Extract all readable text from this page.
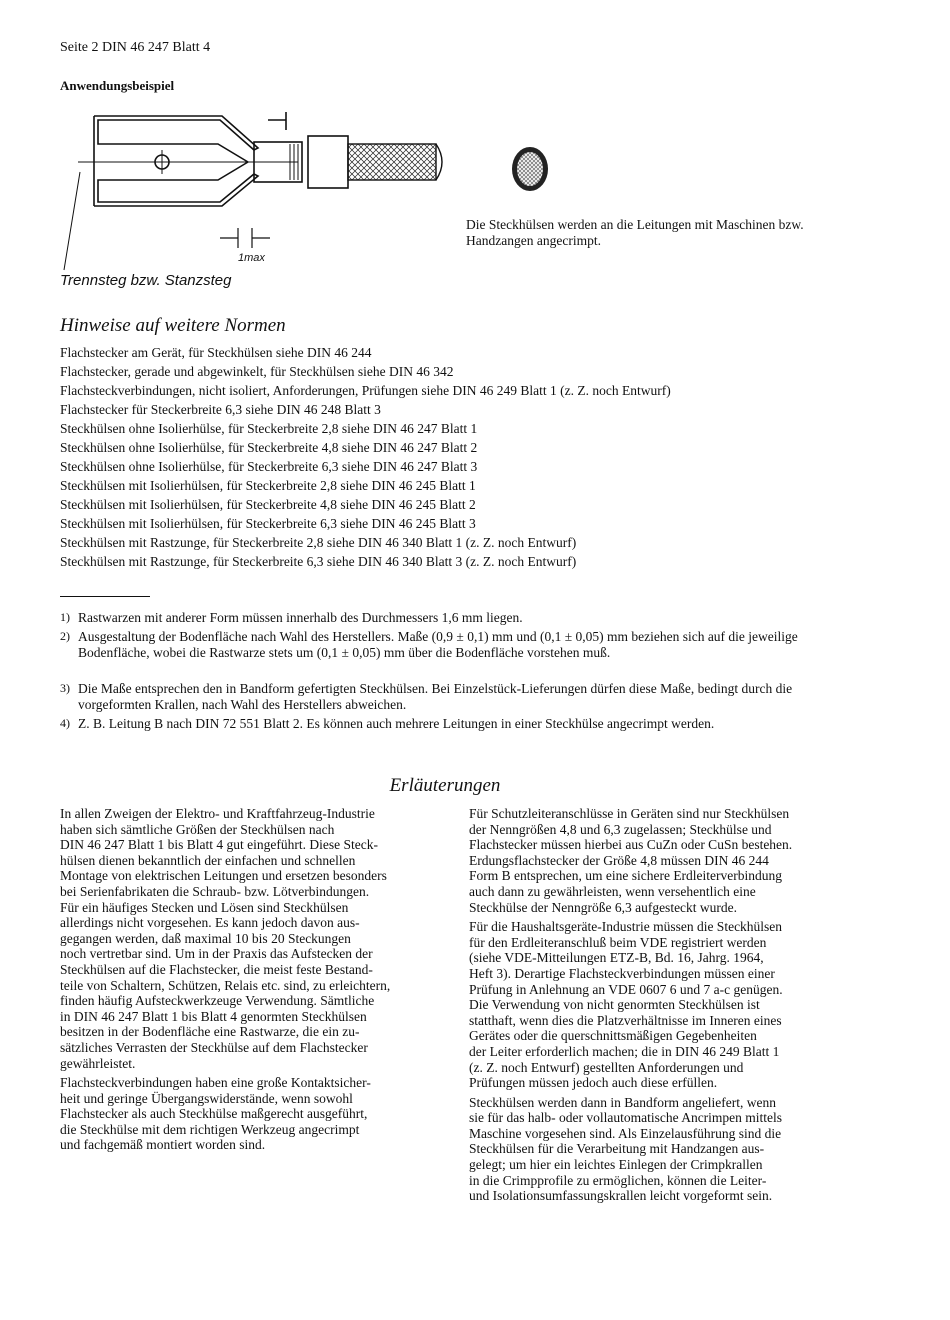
Seite 2 DIN 46 247 Blatt 4
Anwendungsbeispiel
1max
Trennsteg bzw. Stanzsteg
Die Steckhülsen werden an die Leitungen mit Maschinen bzw. Handzangen angecrimpt.
Hinweise auf weitere Normen
Flachstecker am Gerät, für Steckhülsen siehe DIN 46 244
Flachstecker, gerade und abgewinkelt, für Steckhülsen siehe DIN 46 342
Flachsteckverbindungen, nicht isoliert, Anforderungen, Prüfungen siehe DIN 46 249 Blatt 1 (z. Z. noch Entwurf)
Flachstecker für Steckerbreite 6,3 siehe DIN 46 248 Blatt 3
Steckhülsen ohne Isolierhülse, für Steckerbreite 2,8 siehe DIN 46 247 Blatt 1
Steckhülsen ohne Isolierhülse, für Steckerbreite 4,8 siehe DIN 46 247 Blatt 2
Steckhülsen ohne Isolierhülse, für Steckerbreite 6,3 siehe DIN 46 247 Blatt 3
Steckhülsen mit Isolierhülsen, für Steckerbreite 2,8 siehe DIN 46 245 Blatt 1
Steckhülsen mit Isolierhülsen, für Steckerbreite 4,8 siehe DIN 46 245 Blatt 2
Steckhülsen mit Isolierhülsen, für Steckerbreite 6,3 siehe DIN 46 245 Blatt 3
Steckhülsen mit Rastzunge, für Steckerbreite 2,8 siehe DIN 46 340 Blatt 1 (z. Z. noch Entwurf)
Steckhülsen mit Rastzunge, für Steckerbreite 6,3 siehe DIN 46 340 Blatt 3 (z. Z. noch Entwurf)
1) Rastwarzen mit anderer Form müssen innerhalb des Durchmessers 1,6 mm liegen.
2) Ausgestaltung der Bodenfläche nach Wahl des Herstellers. Maße (0,9 ± 0,1) mm und (0,1 ± 0,05) mm beziehen sich auf die jeweilige Bodenfläche, wobei die Rastwarze stets um (0,1 ± 0,05) mm über die Bodenfläche vorstehen muß.
3) Die Maße entsprechen den in Bandform gefertigten Steckhülsen. Bei Einzelstück-Lieferungen dürfen diese Maße, bedingt durch die vorgeformten Krallen, nach Wahl des Herstellers abweichen.
4) Z. B. Leitung B nach DIN 72 551 Blatt 2. Es können auch mehrere Leitungen in einer Steckhülse angecrimpt werden.
Erläuterungen

In allen Zweigen der Elektro- und Kraftfahrzeug-Industrie
haben sich sämtliche Größen der Steckhülsen nach
DIN 46 247 Blatt 1 bis Blatt 4 gut eingeführt. Diese Steck-
hülsen dienen bekanntlich der einfachen und schnellen
Montage von elektrischen Leitungen und ersetzen besonders
bei Serienfabrikaten die Schraub- bzw. Lötverbindungen.
Für ein häufiges Stecken und Lösen sind Steckhülsen
allerdings nicht vorgesehen. Es kann jedoch davon aus-
gegangen werden, daß maximal 10 bis 20 Steckungen
noch vertretbar sind. Um in der Praxis das Aufstecken der
Steckhülsen auf die Flachstecker, die meist feste Bestand-
teile von Schaltern, Schützen, Relais etc. sind, zu erleichtern,
finden häufig Aufsteckwerkzeuge Verwendung. Sämtliche
in DIN 46 247 Blatt 1 bis Blatt 4 genormten Steckhülsen
besitzen in der Bodenfläche eine Rastwarze, die ein zu-
sätzliches Verrasten der Steckhülse auf dem Flachstecker
gewährleistet.

Flachsteckverbindungen haben eine große Kontaktsicher-
heit und geringe Übergangswiderstände, wenn sowohl
Flachstecker als auch Steckhülse maßgerecht ausgeführt,
die Steckhülse mit dem richtigen Werkzeug angecrimpt
und fachgemäß montiert worden sind.

Für Schutzleiteranschlüsse in Geräten sind nur Steckhülsen
der Nenngrößen 4,8 und 6,3 zugelassen; Steckhülse und
Flachstecker müssen hierbei aus CuZn oder CuSn bestehen.
Erdungsflachstecker der Größe 4,8 müssen DIN 46 244
Form B entsprechen, um eine sichere Erdleiterverbindung
auch dann zu gewährleisten, wenn versehentlich eine
Steckhülse der Nenngröße 6,3 aufgesteckt wurde.

Für die Haushaltsgeräte-Industrie müssen die Steckhülsen
für den Erdleiteranschluß beim VDE registriert werden
(siehe VDE-Mitteilungen ETZ-B, Bd. 16, Jahrg. 1964,
Heft 3). Derartige Flachsteckverbindungen müssen einer
Prüfung in Anlehnung an VDE 0607 6 und 7 a-c genügen.
Die Verwendung von nicht genormten Steckhülsen ist
statthaft, wenn dies die Platzverhältnisse im Inneren eines
Gerätes oder die querschnittsmäßigen Gegebenheiten
der Leiter erforderlich machen; die in DIN 46 249 Blatt 1
(z. Z. noch Entwurf) gestellten Anforderungen und
Prüfungen müssen jedoch auch diese erfüllen.

Steckhülsen werden dann in Bandform angeliefert, wenn
sie für das halb- oder vollautomatische Ancrimpen mittels
Maschine vorgesehen sind. Als Einzelausführung sind die
Steckhülsen für die Verarbeitung mit Handzangen aus-
gelegt; um hier ein leichtes Einlegen der Crimpkrallen
in die Crimpprofile zu ermöglichen, können die Leiter-
und Isolationsumfassungskrallen leicht vorgeformt sein.
